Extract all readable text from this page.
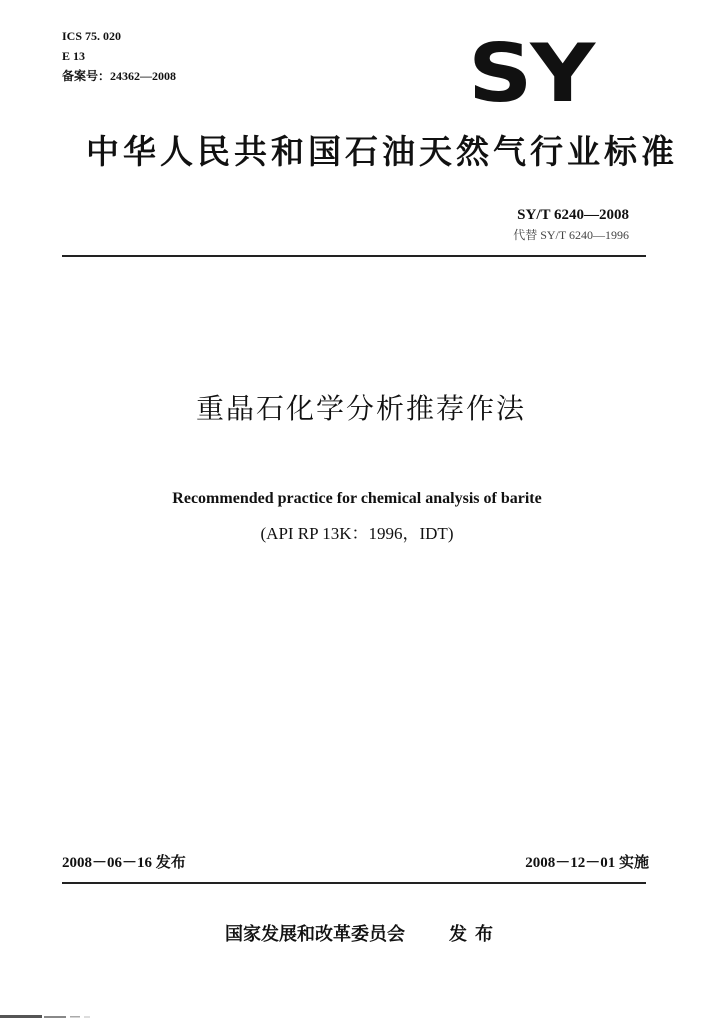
ICS 75. 020
E 13
备案号：24362—2008	SY
中华人民共和国石油天然气行业标准
SY/T 6240—2008
代替 SY/T 6240—1996
重晶石化学分析推荐作法
Recommended practice for chemical analysis of barite
(API RP 13K：1996，IDT)
2008－06－16 发布	2008－12－01 实施
国家发展和改革委员会 发布
